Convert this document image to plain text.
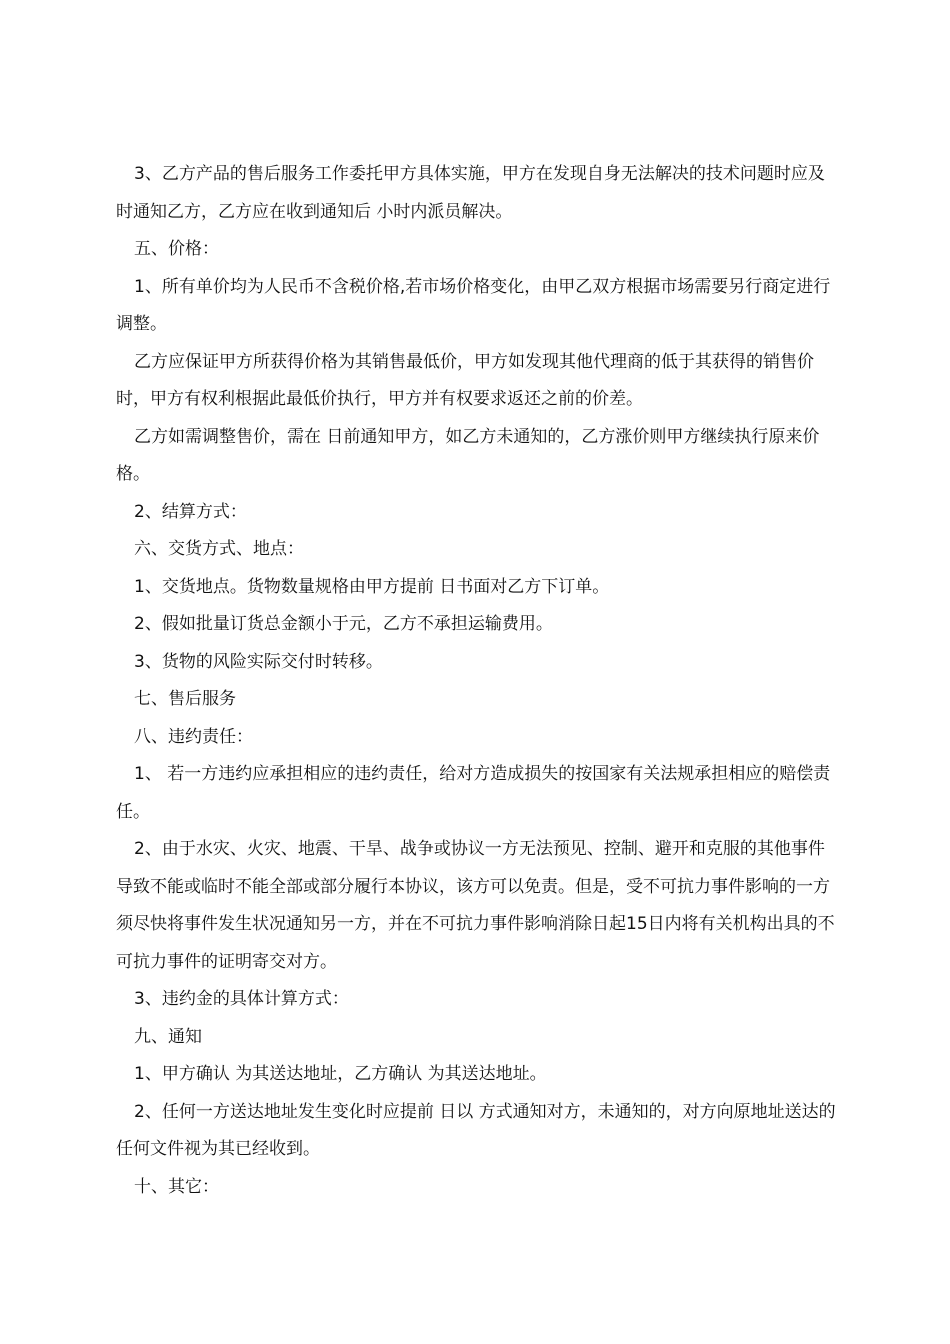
3、乙方产品的售后服务工作委托甲方具体实施，甲方在发现自身无法解决的技术问题时应及时通知乙方，乙方应在收到通知后 小时内派员解决。

五、价格：

1、所有单价均为人民币不含税价格,若市场价格变化，由甲乙双方根据市场需要另行商定进行调整。

乙方应保证甲方所获得价格为其销售最低价，甲方如发现其他代理商的低于其获得的销售价时，甲方有权利根据此最低价执行，甲方并有权要求返还之前的价差。

乙方如需调整售价，需在 日前通知甲方，如乙方未通知的，乙方涨价则甲方继续执行原来价格。

2、结算方式：

六、交货方式、地点：

1、交货地点。货物数量规格由甲方提前 日书面对乙方下订单。

2、假如批量订货总金额小于元，乙方不承担运输费用。

3、货物的风险实际交付时转移。

七、售后服务

八、违约责任：

1、 若一方违约应承担相应的违约责任，给对方造成损失的按国家有关法规承担相应的赔偿责任。

2、由于水灾、火灾、地震、干旱、战争或协议一方无法预见、控制、避开和克服的其他事件导致不能或临时不能全部或部分履行本协议，该方可以免责。但是，受不可抗力事件影响的一方须尽快将事件发生状况通知另一方，并在不可抗力事件影响消除日起15日内将有关机构出具的不可抗力事件的证明寄交对方。

3、违约金的具体计算方式：

九、通知

1、甲方确认 为其送达地址，乙方确认 为其送达地址。

2、任何一方送达地址发生变化时应提前 日以 方式通知对方，未通知的，对方向原地址送达的任何文件视为其已经收到。

十、其它：
